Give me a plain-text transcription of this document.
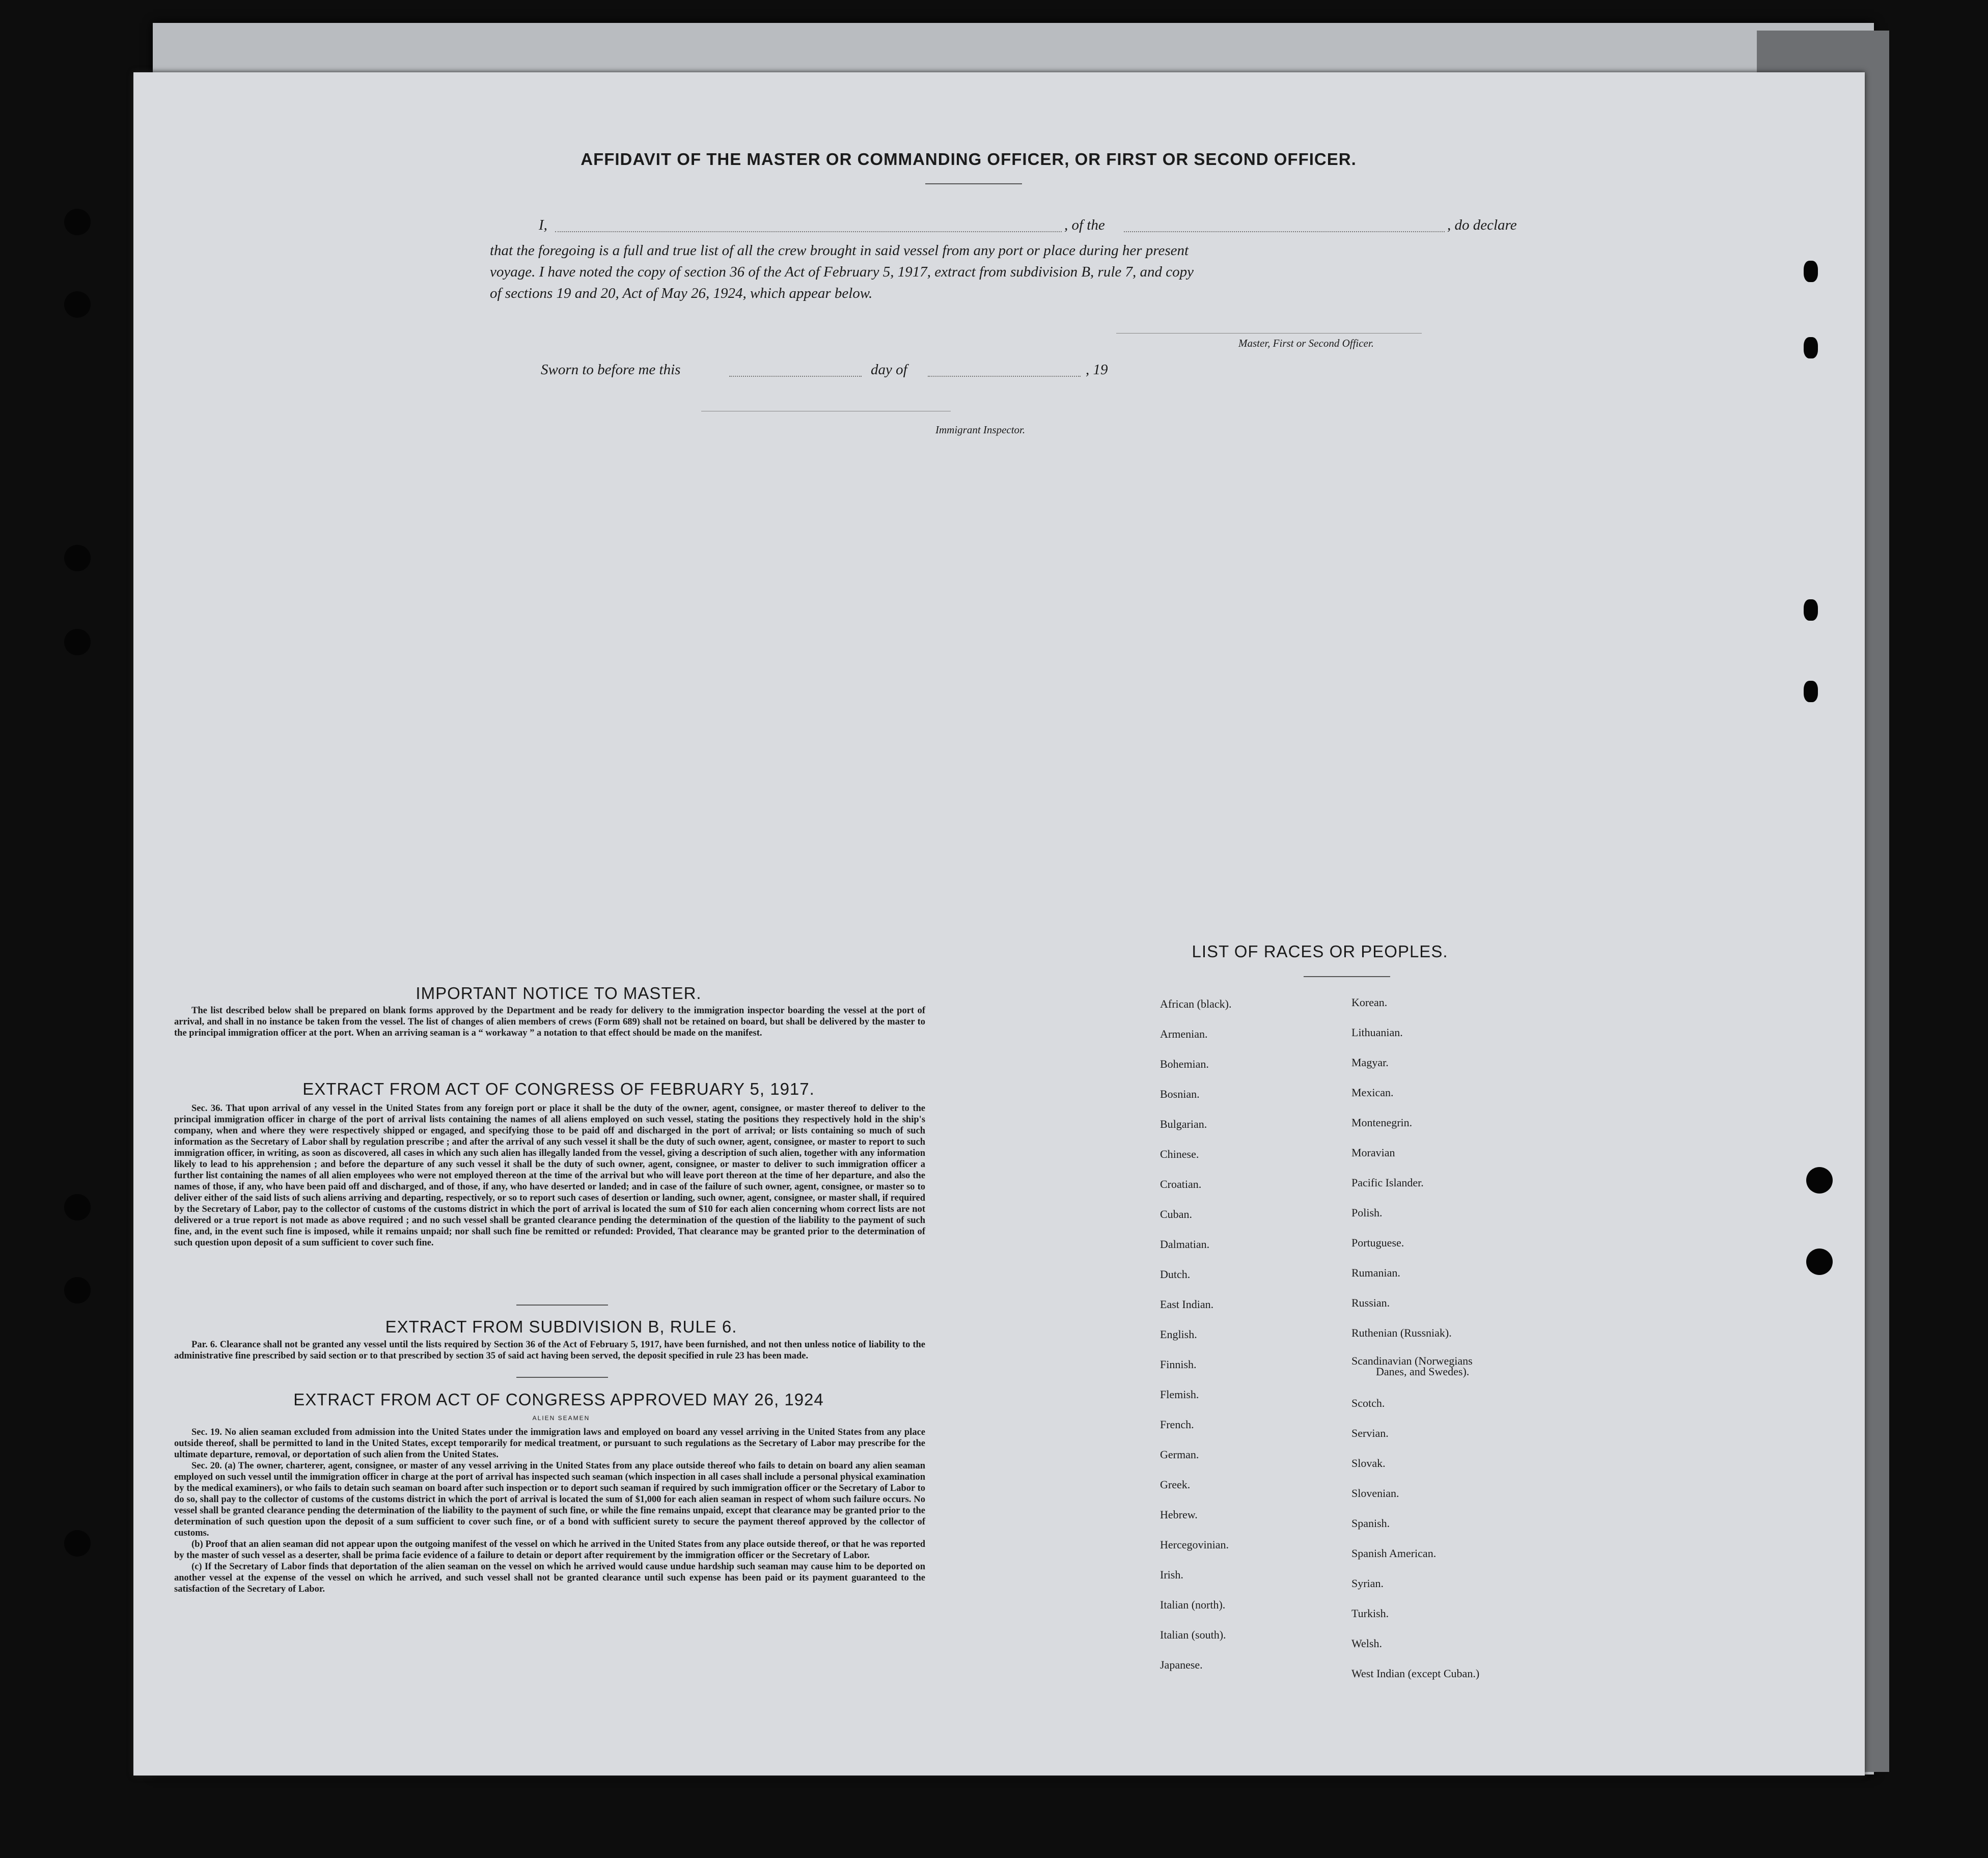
AFFIDAVIT OF THE MASTER OR COMMANDING OFFICER, OR FIRST OR SECOND OFFICER.
I,	, of the	, do declare
that the foregoing is a full and true list of all the crew brought in said vessel from any port or place during her present
voyage. I have noted the copy of section 36 of the Act of February 5, 1917, extract from subdivision B, rule 7, and copy
of sections 19 and 20, Act of May 26, 1924, which appear below.
Master, First or Second Officer.
Sworn to before me this	day of	, 19
Immigrant Inspector.
IMPORTANT NOTICE TO MASTER.

The list described below shall be prepared on blank forms approved by the Department and be ready for delivery to the immigration inspector boarding the vessel at the port of arrival, and shall in no instance be taken from the vessel. The list of changes of alien members of crews (Form 689) shall not be retained on board, but shall be delivered by the master to the principal immigration officer at the port. When an arriving seaman is a “ workaway ” a notation to that effect should be made on the manifest.

EXTRACT FROM ACT OF CONGRESS OF FEBRUARY 5, 1917.

Sec. 36. That upon arrival of any vessel in the United States from any foreign port or place it shall be the duty of the owner, agent, consignee, or master thereof to deliver to the principal immigration officer in charge of the port of arrival lists containing the names of all aliens employed on such vessel, stating the positions they respectively hold in the ship's company, when and where they were respectively shipped or engaged, and specifying those to be paid off and discharged in the port of arrival; or lists containing so much of such information as the Secretary of Labor shall by regulation prescribe ; and after the arrival of any such vessel it shall be the duty of such owner, agent, consignee, or master to report to such immigration officer, in writing, as soon as discovered, all cases in which any such alien has illegally landed from the vessel, giving a description of such alien, together with any information likely to lead to his apprehension ; and before the departure of any such vessel it shall be the duty of such owner, agent, consignee, or master to deliver to such immigration officer a further list containing the names of all alien employees who were not employed thereon at the time of the arrival but who will leave port thereon at the time of her departure, and also the names of those, if any, who have been paid off and discharged, and of those, if any, who have deserted or landed; and in case of the failure of such owner, agent, consignee, or master so to deliver either of the said lists of such aliens arriving and departing, respectively, or so to report such cases of desertion or landing, such owner, agent, consignee, or master shall, if required by the Secretary of Labor, pay to the collector of customs of the customs district in which the port of arrival is located the sum of $10 for each alien concerning whom correct lists are not delivered or a true report is not made as above required ; and no such vessel shall be granted clearance pending the determination of the question of the liability to the payment of such fine, and, in the event such fine is imposed, while it remains unpaid; nor shall such fine be remitted or refunded: Provided, That clearance may be granted prior to the determination of such question upon deposit of a sum sufficient to cover such fine.

EXTRACT FROM SUBDIVISION B, RULE 6.

Par. 6. Clearance shall not be granted any vessel until the lists required by Section 36 of the Act of February 5, 1917, have been furnished, and not then unless notice of liability to the administrative fine prescribed by said section or to that prescribed by section 35 of said act having been served, the deposit specified in rule 23 has been made.

EXTRACT FROM ACT OF CONGRESS APPROVED MAY 26, 1924
ALIEN SEAMEN

Sec. 19. No alien seaman excluded from admission into the United States under the immigration laws and employed on board any vessel arriving in the United States from any place outside thereof, shall be permitted to land in the United States, except temporarily for medical treatment, or pursuant to such regulations as the Secretary of Labor may prescribe for the ultimate departure, removal, or deportation of such alien from the United States.

Sec. 20. (a) The owner, charterer, agent, consignee, or master of any vessel arriving in the United States from any place outside thereof who fails to detain on board any alien seaman employed on such vessel until the immigration officer in charge at the port of arrival has inspected such seaman (which inspection in all cases shall include a personal physical examination by the medical examiners), or who fails to detain such seaman on board after such inspection or to deport such seaman if required by such immigration officer or the Secretary of Labor to do so, shall pay to the collector of customs of the customs district in which the port of arrival is located the sum of $1,000 for each alien seaman in respect of whom such failure occurs. No vessel shall be granted clearance pending the determination of the liability to the payment of such fine, or while the fine remains unpaid, except that clearance may be granted prior to the determination of such question upon the deposit of a sum sufficient to cover such fine, or of a bond with sufficient surety to secure the payment thereof approved by the collector of customs.

(b) Proof that an alien seaman did not appear upon the outgoing manifest of the vessel on which he arrived in the United States from any place outside thereof, or that he was reported by the master of such vessel as a deserter, shall be prima facie evidence of a failure to detain or deport after requirement by the immigration officer or the Secretary of Labor.

(c) If the Secretary of Labor finds that deportation of the alien seaman on the vessel on which he arrived would cause undue hardship such seaman may cause him to be deported on another vessel at the expense of the vessel on which he arrived, and such vessel shall not be granted clearance until such expense has been paid or its payment guaranteed to the satisfaction of the Secretary of Labor.

LIST OF RACES OR PEOPLES.
African (black).
Armenian.
Bohemian.
Bosnian.
Bulgarian.
Chinese.
Croatian.
Cuban.
Dalmatian.
Dutch.
East Indian.
English.
Finnish.
Flemish.
French.
German.
Greek.
Hebrew.
Hercegovinian.
Irish.
Italian (north).
Italian (south).
Japanese.
Korean.
Lithuanian.
Magyar.
Mexican.
Montenegrin.
Moravian
Pacific Islander.
Polish.
Portuguese.
Rumanian.
Russian.
Ruthenian (Russniak).
Scandinavian (Norwegians
Danes, and Swedes).
Scotch.
Servian.
Slovak.
Slovenian.
Spanish.
Spanish American.
Syrian.
Turkish.
Welsh.
West Indian (except Cuban.)
